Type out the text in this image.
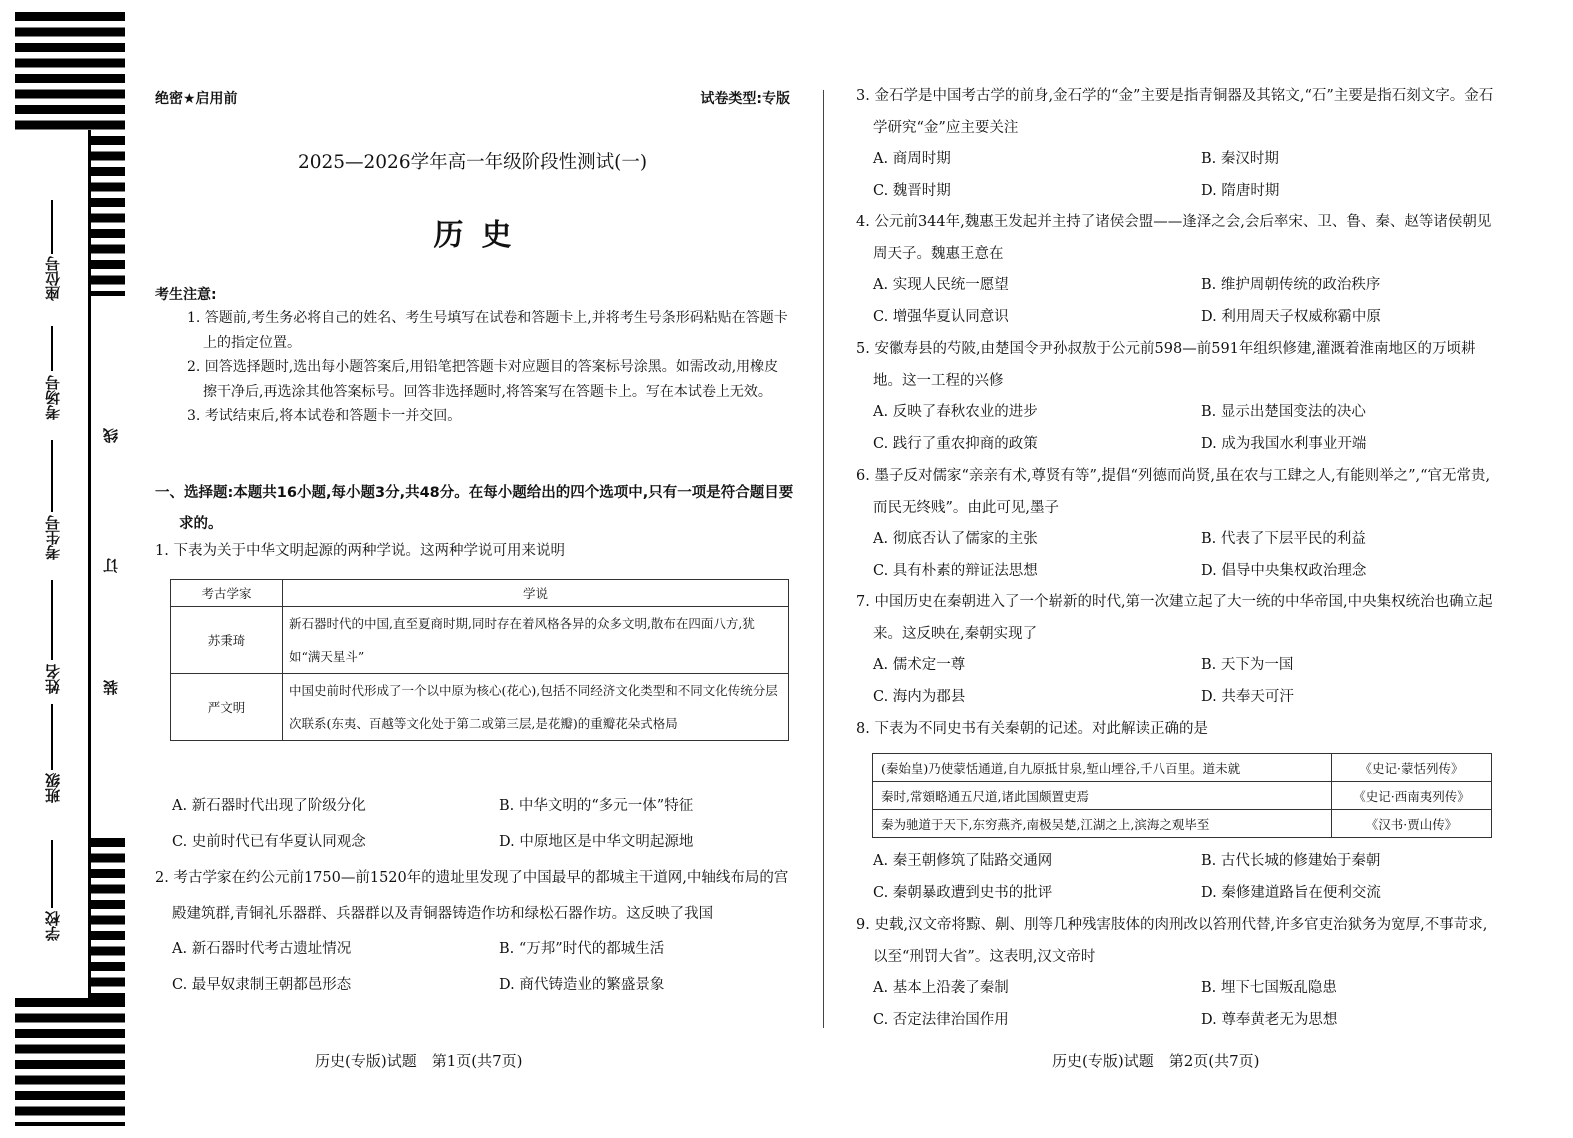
座位号
考场号
考生号
姓名
班级
学校
线
订
装
绝密★启用前	试卷类型:专版
2025—2026学年高一年级阶段性测试(一)
历史
考生注意:

1. 答题前,考生务必将自己的姓名、考生号填写在试卷和答题卡上,并将考生号条形码粘贴在答题卡上的指定位置。

2. 回答选择题时,选出每小题答案后,用铅笔把答题卡对应题目的答案标号涂黑。如需改动,用橡皮擦干净后,再选涂其他答案标号。回答非选择题时,将答案写在答题卡上。写在本试卷上无效。

3. 考试结束后,将本试卷和答题卡一并交回。

一、选择题:本题共16小题,每小题3分,共48分。在每小题给出的四个选项中,只有一项是符合题目要求的。
1. 下表为关于中华文明起源的两种学说。这两种学说可用来说明
考古学家	学说
苏秉琦	新石器时代的中国,直至夏商时期,同时存在着风格各异的众多文明,散布在四面八方,犹如“满天星斗”
严文明	中国史前时代形成了一个以中原为核心(花心),包括不同经济文化类型和不同文化传统分层次联系(东夷、百越等文化处于第二或第三层,是花瓣)的重瓣花朵式格局
A. 新石器时代出现了阶级分化	B. 中华文明的“多元一体”特征
C. 史前时代已有华夏认同观念	D. 中原地区是中华文明起源地
2. 考古学家在约公元前1750—前1520年的遗址里发现了中国最早的都城主干道网,中轴线布局的宫殿建筑群,青铜礼乐器群、兵器群以及青铜器铸造作坊和绿松石器作坊。这反映了我国
A. 新石器时代考古遗址情况	B. “万邦”时代的都城生活
C. 最早奴隶制王朝都邑形态	D. 商代铸造业的繁盛景象
历史(专版)试题　第1页(共7页)
3. 金石学是中国考古学的前身,金石学的“金”主要是指青铜器及其铭文,“石”主要是指石刻文字。金石学研究“金”应主要关注
A. 商周时期	B. 秦汉时期
C. 魏晋时期	D. 隋唐时期
4. 公元前344年,魏惠王发起并主持了诸侯会盟——逢泽之会,会后率宋、卫、鲁、秦、赵等诸侯朝见周天子。魏惠王意在
A. 实现人民统一愿望	B. 维护周朝传统的政治秩序
C. 增强华夏认同意识	D. 利用周天子权威称霸中原
5. 安徽寿县的芍陂,由楚国令尹孙叔敖于公元前598—前591年组织修建,灌溉着淮南地区的万顷耕地。这一工程的兴修
A. 反映了春秋农业的进步	B. 显示出楚国变法的决心
C. 践行了重农抑商的政策	D. 成为我国水利事业开端
6. 墨子反对儒家“亲亲有术,尊贤有等”,提倡“列德而尚贤,虽在农与工肆之人,有能则举之”,“官无常贵,而民无终贱”。由此可见,墨子
A. 彻底否认了儒家的主张	B. 代表了下层平民的利益
C. 具有朴素的辩证法思想	D. 倡导中央集权政治理念
7. 中国历史在秦朝进入了一个崭新的时代,第一次建立起了大一统的中华帝国,中央集权统治也确立起来。这反映在,秦朝实现了
A. 儒术定一尊	B. 天下为一国
C. 海内为郡县	D. 共奉天可汗
8. 下表为不同史书有关秦朝的记述。对此解读正确的是
(秦始皇)乃使蒙恬通道,自九原抵甘泉,堑山堙谷,千八百里。道未就	《史记·蒙恬列传》
秦时,常頞略通五尺道,诸此国颇置吏焉	《史记·西南夷列传》
秦为驰道于天下,东穷燕齐,南极吴楚,江湖之上,滨海之观毕至	《汉书·贾山传》
A. 秦王朝修筑了陆路交通网	B. 古代长城的修建始于秦朝
C. 秦朝暴政遭到史书的批评	D. 秦修建道路旨在便利交流
9. 史载,汉文帝将黥、劓、刖等几种残害肢体的肉刑改以笞刑代替,许多官吏治狱务为宽厚,不事苛求,以至“刑罚大省”。这表明,汉文帝时
A. 基本上沿袭了秦制	B. 埋下七国叛乱隐患
C. 否定法律治国作用	D. 尊奉黄老无为思想
历史(专版)试题　第2页(共7页)
